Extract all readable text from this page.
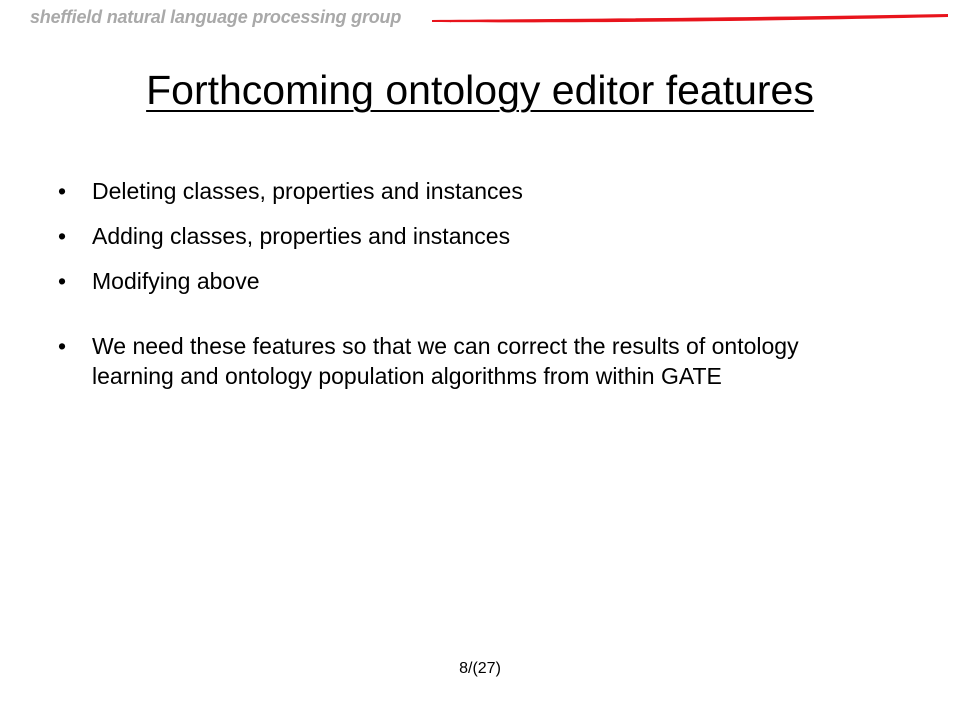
sheffield natural language processing group
Forthcoming ontology editor features
•	Deleting classes, properties and instances
•	Adding classes, properties and instances
•	Modifying above
•	We need these features so that we can correct the results of ontology learning and ontology population algorithms from within GATE
8/(27)
